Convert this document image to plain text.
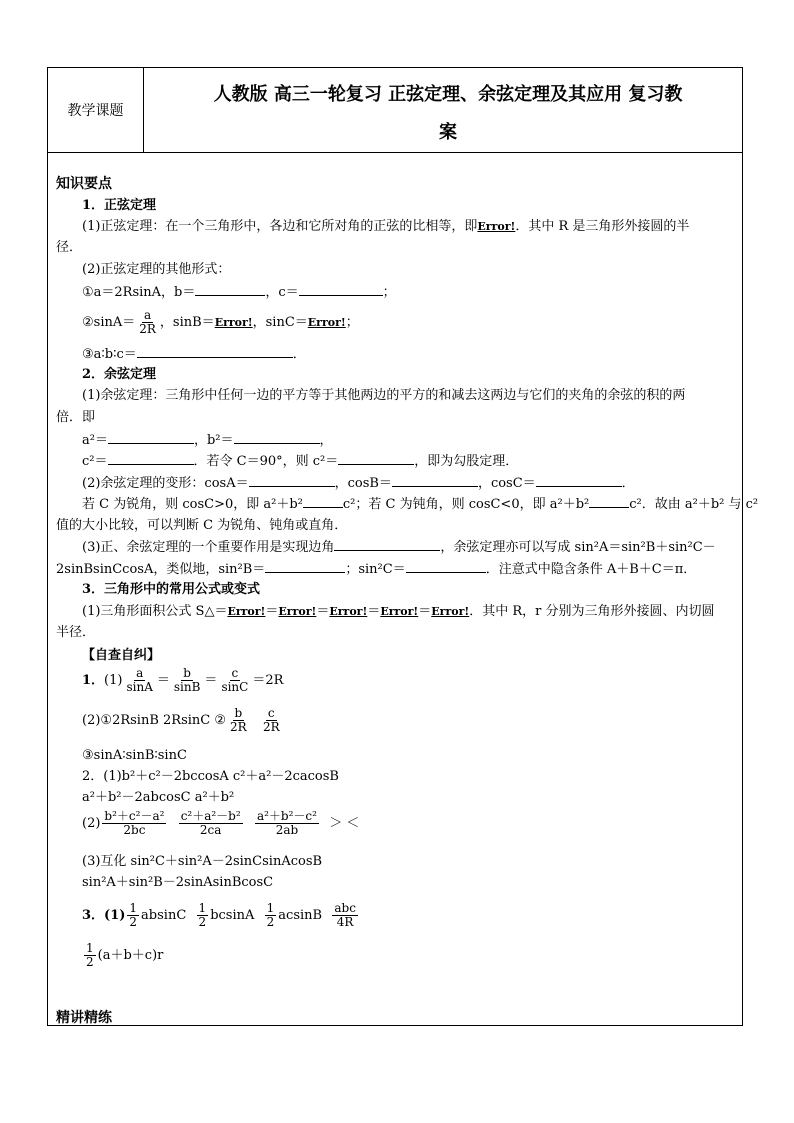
教学课题
人教版 高三一轮复习 正弦定理、余弦定理及其应用 复习教
案
知识要点
1．正弦定理
(1)正弦定理：在一个三角形中，各边和它所对角的正弦的比相等，即Error!．其中 R 是三角形外接圆的半
径．
(2)正弦定理的其他形式：
①a＝2RsinA，b＝	，c＝	；
②sinA＝ $\frac{a}{2R}$ ，sinB＝Error!，sinC＝Error!；
③a∶b∶c＝	．
2．余弦定理
(1)余弦定理：三角形中任何一边的平方等于其他两边的平方的和减去这两边与它们的夹角的余弦的积的两
倍．即
a²＝	，b²＝	，
c²＝	．若令 C＝90°，则 c²＝	，即为勾股定理．
(2)余弦定理的变形：cosA＝	，cosB＝	，cosC＝	．
若 C 为锐角，则 cosC>0，即 a²＋b²	c²；若 C 为钝角，则 cosC<0，即 a²＋b²	c²．故由 a²＋b² 与 c²
值的大小比较，可以判断 C 为锐角、钝角或直角．
(3)正、余弦定理的一个重要作用是实现边角	，余弦定理亦可以写成 sin²A＝sin²B＋sin²C－
2sinBsinCcosA，类似地，sin²B＝	；sin²C＝	．注意式中隐含条件 A＋B＋C＝π．
3．三角形中的常用公式或变式
(1)三角形面积公式 S△＝Error!＝Error!＝Error!＝Error!＝Error!．其中 R，r 分别为三角形外接圆、内切圆
半径．
【自查自纠】
1．$(1) \frac{a}{\sin A} = \frac{b}{\sin B} = \frac{c}{\sin C} =2R$
(2)①2RsinB 2RsinC ② $\frac{b}{2R}$
$\frac{c}{2R}$
③sinA∶sinB∶sinC
2．(1)b²＋c²－2bccosA c²＋a²－2cacosB
a²＋b²－2abcosC a²＋b²
$(2) \frac{\text{b²＋c²－a²}}{2bc}$
$\frac{\text{c²＋a²－b²}}{2ca}$
$\frac{\text{a²＋b²－c²}}{2ab}$ ＞ ＜
(3)互化 sin²C＋sin²A－2sinCsinAcosB
sin²A＋sin²B－2sinAsinBcosC
3．$(1) \frac{1}{2}$ absinC $\frac{1}{2}$ bcsinA $\frac{1}{2}$ acsinB $\frac{\text{abc}}{4R}$
$\frac{1}{2} (a+b+c)r$
精讲精练
